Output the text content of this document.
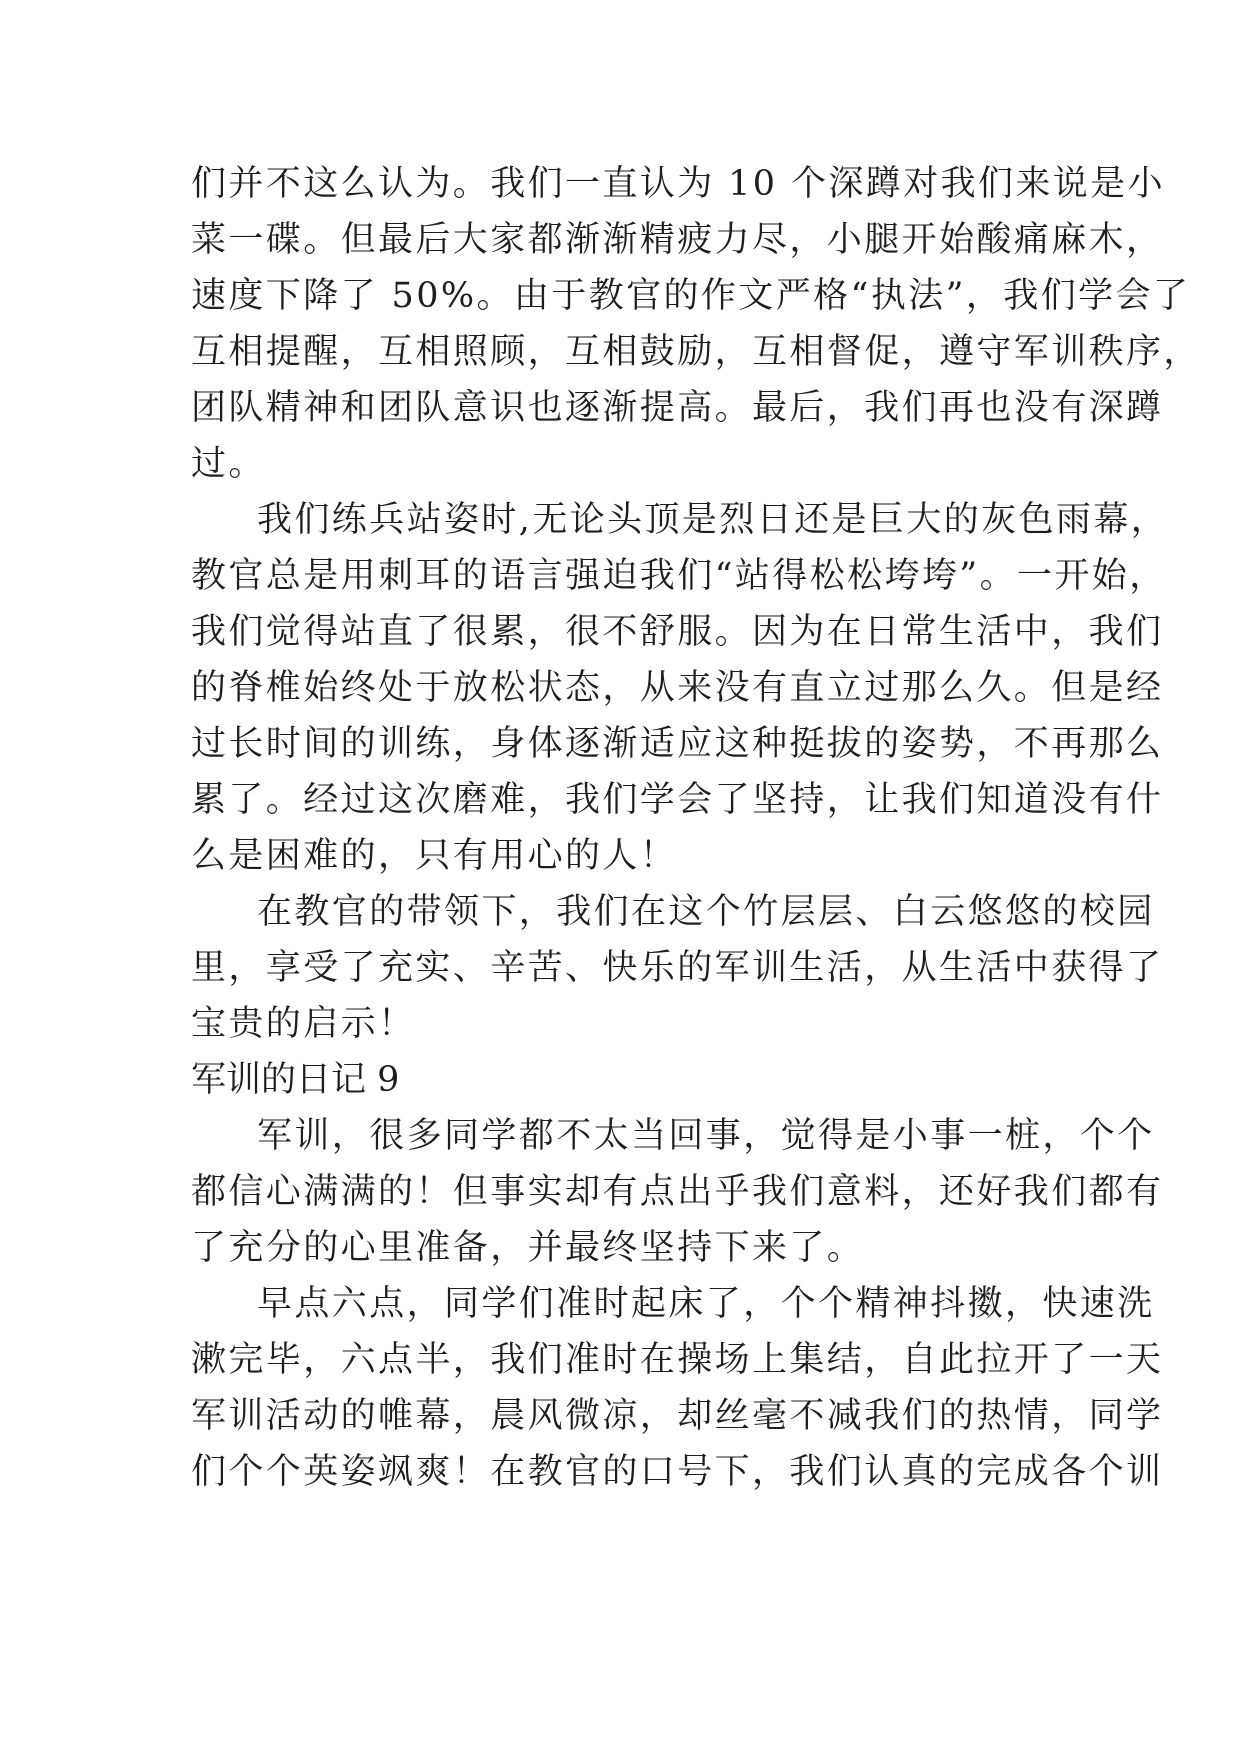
们并不这么认为。我们一直认为 10 个深蹲对我们来说是小
菜一碟。但最后大家都渐渐精疲力尽，小腿开始酸痛麻木，
速度下降了 50%。由于教官的作文严格“执法”，我们学会了
互相提醒，互相照顾，互相鼓励，互相督促，遵守军训秩序，
团队精神和团队意识也逐渐提高。最后，我们再也没有深蹲
过。
我们练兵站姿时,无论头顶是烈日还是巨大的灰色雨幕，
教官总是用刺耳的语言强迫我们“站得松松垮垮”。一开始，
我们觉得站直了很累，很不舒服。因为在日常生活中，我们
的脊椎始终处于放松状态，从来没有直立过那么久。但是经
过长时间的训练，身体逐渐适应这种挺拔的姿势，不再那么
累了。经过这次磨难，我们学会了坚持，让我们知道没有什
么是困难的，只有用心的人！
在教官的带领下，我们在这个竹层层、白云悠悠的校园
里，享受了充实、辛苦、快乐的军训生活，从生活中获得了
宝贵的启示！
军训的日记 9
军训，很多同学都不太当回事，觉得是小事一桩，个个
都信心满满的！但事实却有点出乎我们意料，还好我们都有
了充分的心里准备，并最终坚持下来了。
早点六点，同学们准时起床了，个个精神抖擞，快速洗
漱完毕，六点半，我们准时在操场上集结，自此拉开了一天
军训活动的帷幕，晨风微凉，却丝毫不减我们的热情，同学
们个个英姿飒爽！在教官的口号下，我们认真的完成各个训
